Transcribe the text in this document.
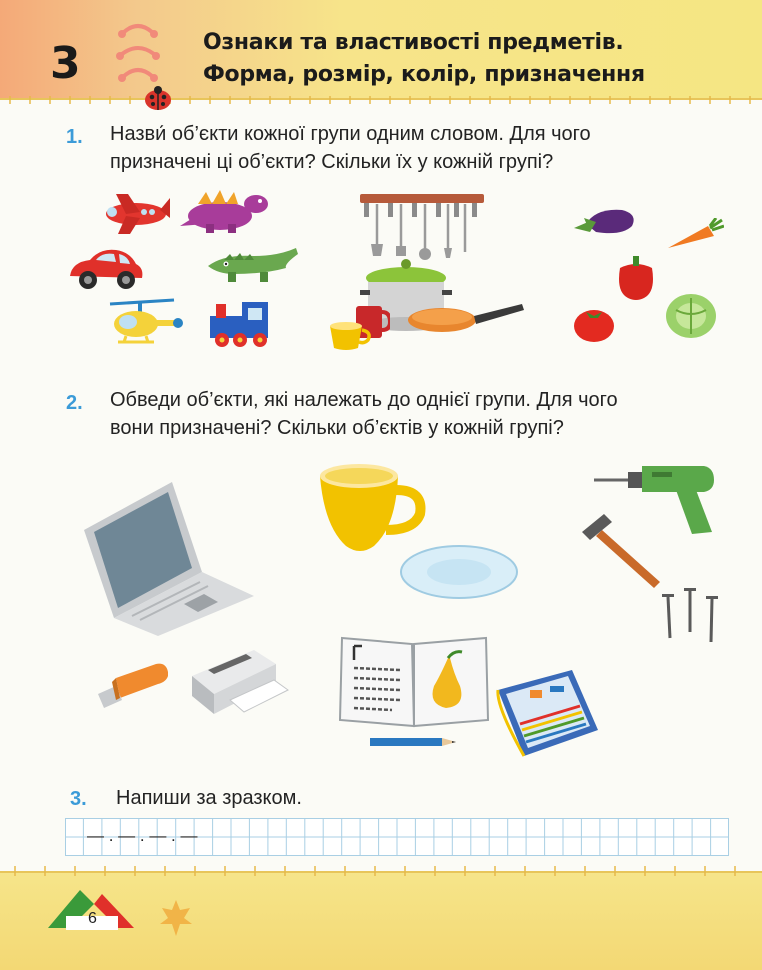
3	Ознаки та властивості предметів.
Форма, розмір, колір, призначення
1. Назви́ об’єкти кожної групи одним словом. Для чого
призначені ці об’єкти? Скільки їх у кожній групі?
2. Обведи об’єкти, які належать до однієї групи. Для чого
вони призначені? Скільки об’єктів у кожній групі?
3. Напиши за зразком.
— . — . — . —
6
